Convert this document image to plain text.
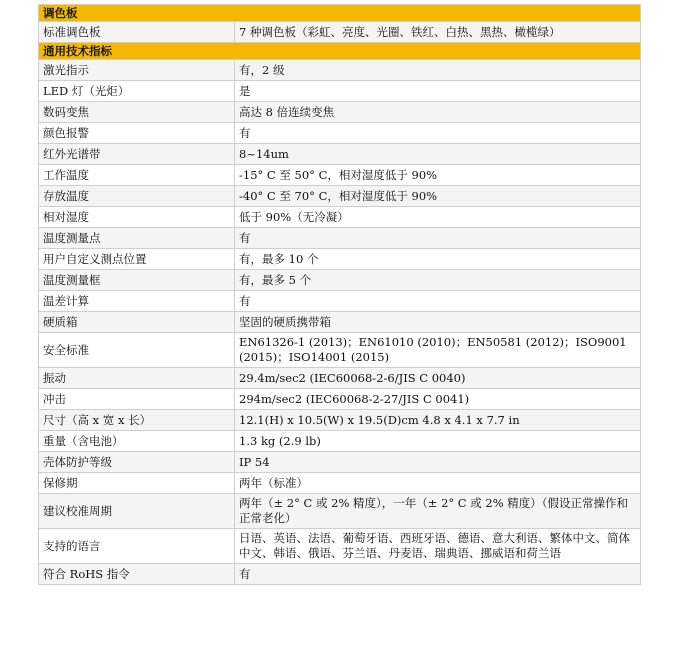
调色板	
标准调色板	7 种调色板（彩虹、亮度、光圈、铁红、白热、黑热、橄榄绿）
通用技术指标	
激光指示	有，2 级
LED 灯（光炬）	是
数码变焦	高达 8 倍连续变焦
颜色报警	有
红外光谱带	8~14um
工作温度	-15° C 至 50° C，相对湿度低于 90%
存放温度	-40° C 至 70° C，相对湿度低于 90%
相对湿度	低于 90%（无冷凝）
温度测量点	有
用户自定义测点位置	有，最多 10 个
温度测量框	有，最多 5 个
温差计算	有
硬质箱	坚固的硬质携带箱
安全标准	EN61326-1 (2013)；EN61010 (2010)；EN50581 (2012)；ISO9001 (2015)；ISO14001 (2015)
振动	29.4m/sec2 (IEC60068-2-6/JIS C 0040)
冲击	294m/sec2 (IEC60068-2-27/JIS C 0041)
尺寸（高 x 宽 x 长）	12.1(H) x 10.5(W) x 19.5(D)cm 4.8 x 4.1 x 7.7 in
重量（含电池）	1.3 kg (2.9 lb)
壳体防护等级	IP 54
保修期	两年（标准）
建议校准周期	两年（± 2° C 或 2% 精度），一年（± 2° C 或 2% 精度）（假设正常操作和正常老化）
支持的语言	日语、英语、法语、葡萄牙语、西班牙语、德语、意大利语、繁体中文、简体中文、韩语、俄语、芬兰语、丹麦语、瑞典语、挪威语和荷兰语
符合 RoHS 指令	有
